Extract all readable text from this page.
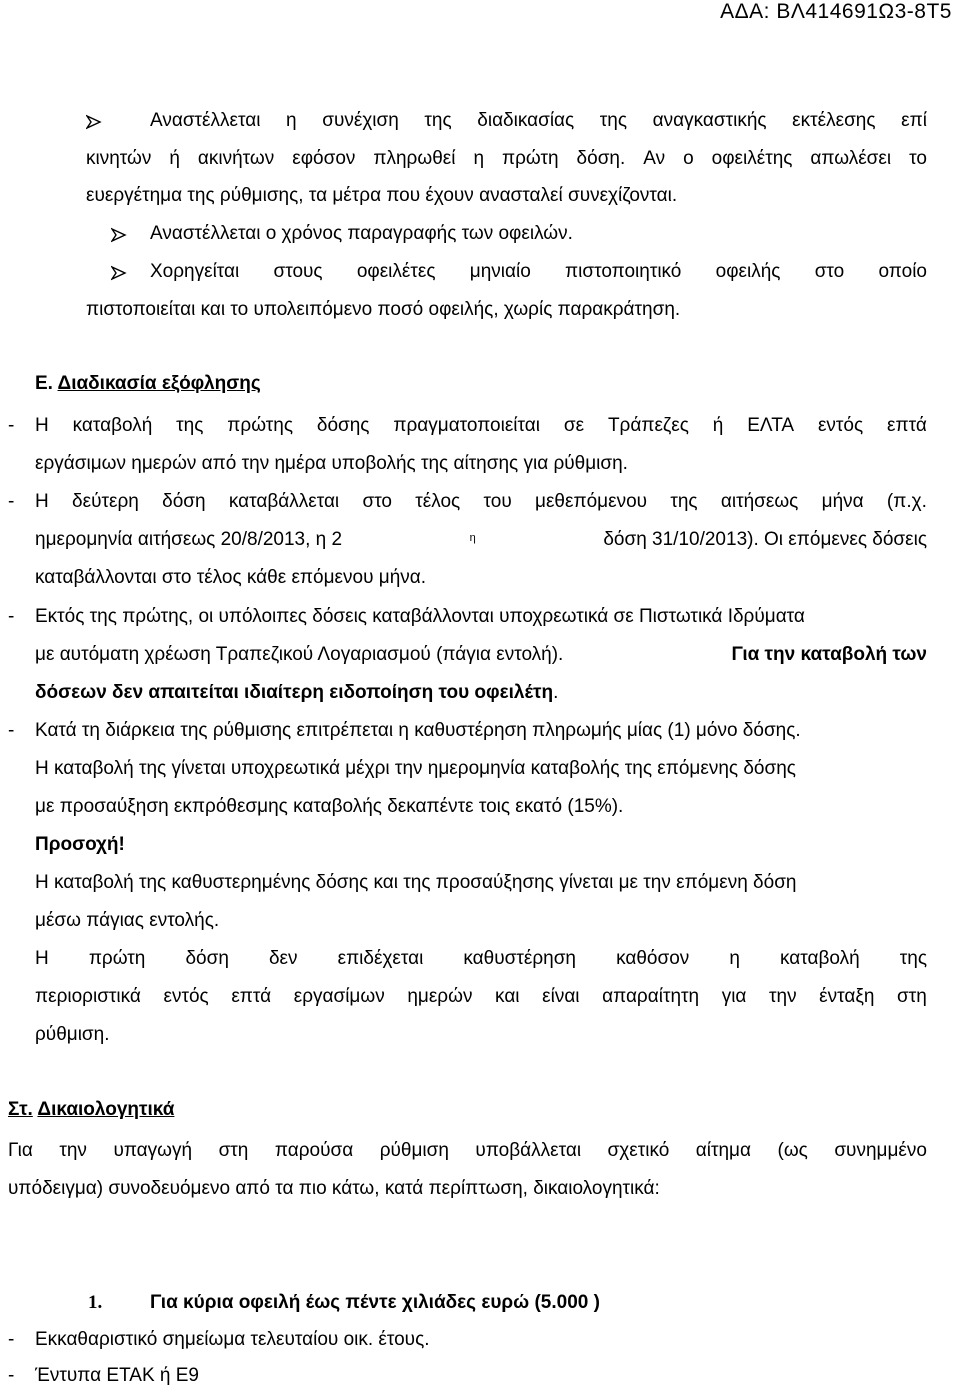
ΑΔΑ: ΒΛ414691Ω3-8Τ5
Αναστέλλεται η συνέχιση της διαδικασίας της αναγκαστικής εκτέλεσης επί
κινητών ή ακινήτων εφόσον πληρωθεί η πρώτη δόση. Αν ο οφειλέτης απωλέσει το
ευεργέτημα της ρύθμισης, τα μέτρα που έχουν ανασταλεί συνεχίζονται.
Αναστέλλεται ο χρόνος παραγραφής των οφειλών.
Χορηγείται στους οφειλέτες μηνιαίο πιστοποιητικό οφειλής στο οποίο
πιστοποιείται και το υπολειπόμενο ποσό οφειλής, χωρίς παρακράτηση.
Ε. Διαδικασία εξόφλησης
- Η καταβολή της πρώτης δόσης πραγματοποιείται σε Τράπεζες ή ΕΛΤΑ εντός επτά
εργάσιμων ημερών από την ημέρα υποβολής της αίτησης για ρύθμιση.
- Η δεύτερη δόση καταβάλλεται στο τέλος του μεθεπόμενου της αιτήσεως μήνα (π.χ.
ημερομηνία αιτήσεως 20/8/2013, η 2	$^\eta$	δόση 31/10/2013). Οι επόμενες δόσεις
καταβάλλονται στο τέλος κάθε επόμενου μήνα.
- Εκτός της πρώτης, οι υπόλοιπες δόσεις καταβάλλονται υποχρεωτικά σε Πιστωτικά Ιδρύματα
με αυτόματη χρέωση Τραπεζικού Λογαριασμού (πάγια εντολή).	Για την καταβολή των
δόσεων δεν απαιτείται ιδιαίτερη ειδοποίηση του οφειλέτη.
- Κατά τη διάρκεια της ρύθμισης επιτρέπεται η καθυστέρηση πληρωμής μίας (1) μόνο δόσης.
Η καταβολή της γίνεται υποχρεωτικά μέχρι την ημερομηνία καταβολής της επόμενης δόσης
με προσαύξηση εκπρόθεσμης καταβολής δεκαπέντε τοις εκατό (15%).
Προσοχή!
Η καταβολή της καθυστερημένης δόσης και της προσαύξησης γίνεται με την επόμενη δόση
μέσω πάγιας εντολής.
Η πρώτη δόση δεν επιδέχεται καθυστέρηση καθόσον η καταβολή της
περιοριστικά εντός επτά εργασίμων ημερών και είναι απαραίτητη για την ένταξη στη
ρύθμιση.
Στ. Δικαιολογητικά
Για την υπαγωγή στη παρούσα ρύθμιση υποβάλλεται σχετικό αίτημα (ως συνημμένο
υπόδειγμα) συνοδευόμενο από τα πιο κάτω, κατά περίπτωση, δικαιολογητικά:
1.	Για κύρια οφειλή έως πέντε χιλιάδες ευρώ (5.000 )
- Εκκαθαριστικό σημείωμα τελευταίου οικ. έτους.
- Έντυπα ΕΤΑΚ ή Ε9
